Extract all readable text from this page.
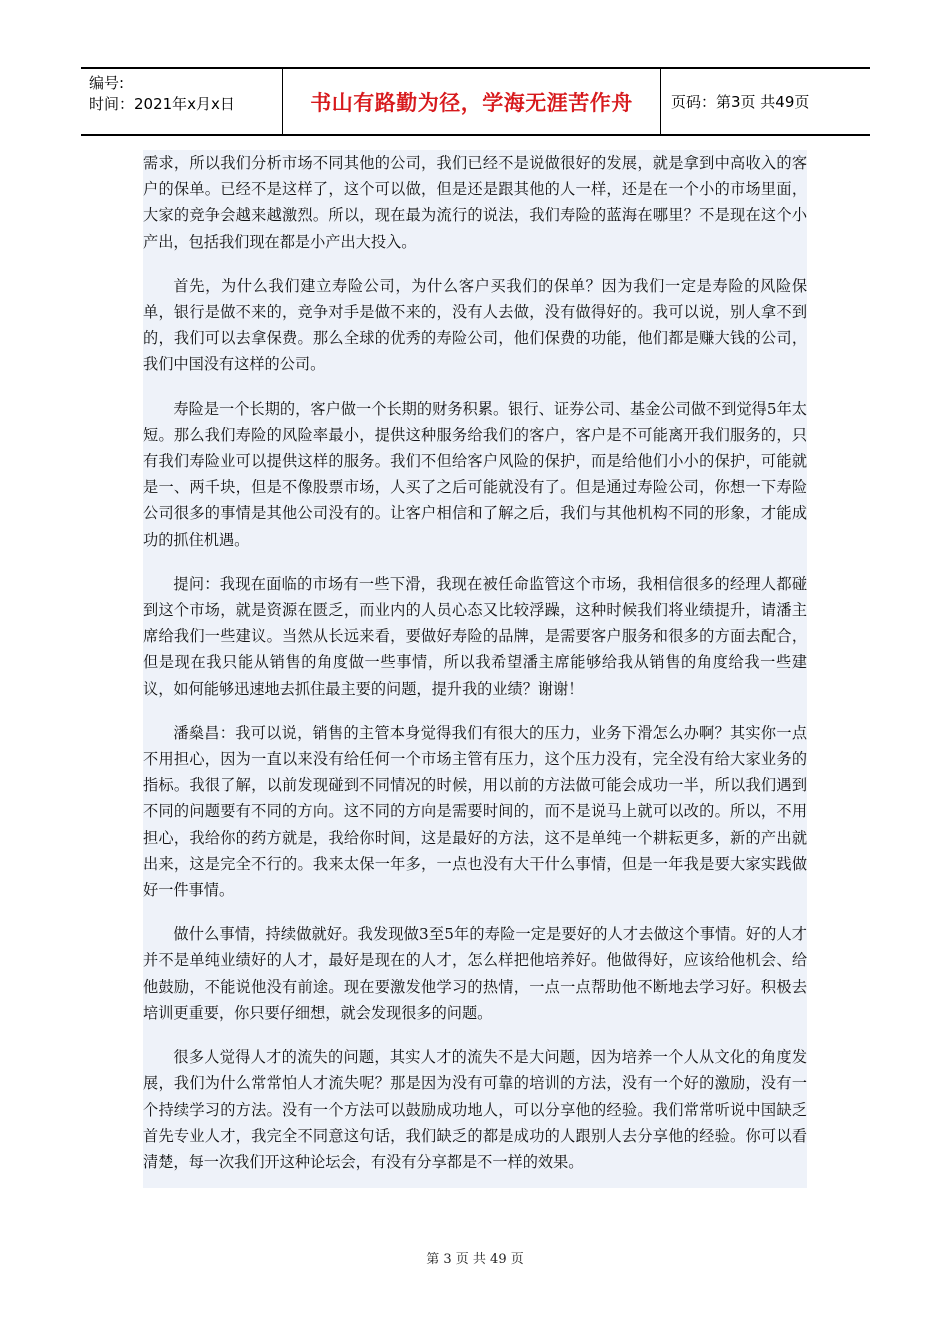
编号:
时间：2021年x月x日	书山有路勤为径，学海无涯苦作舟	页码：第3页 共49页

需求，所以我们分析市场不同其他的公司，我们已经不是说做很好的发展，就是拿到中高收入的客户的保单。已经不是这样了，这个可以做，但是还是跟其他的人一样，还是在一个小的市场里面，大家的竞争会越来越激烈。所以，现在最为流行的说法，我们寿险的蓝海在哪里？不是现在这个小产出，包括我们现在都是小产出大投入。

首先，为什么我们建立寿险公司，为什么客户买我们的保单？因为我们一定是寿险的风险保单，银行是做不来的，竞争对手是做不来的，没有人去做，没有做得好的。我可以说，别人拿不到的，我们可以去拿保费。那么全球的优秀的寿险公司，他们保费的功能，他们都是赚大钱的公司，我们中国没有这样的公司。

寿险是一个长期的，客户做一个长期的财务积累。银行、证券公司、基金公司做不到觉得5年太短。那么我们寿险的风险率最小，提供这种服务给我们的客户，客户是不可能离开我们服务的，只有我们寿险业可以提供这样的服务。我们不但给客户风险的保护，而是给他们小小的保护，可能就是一、两千块，但是不像股票市场，人买了之后可能就没有了。但是通过寿险公司，你想一下寿险公司很多的事情是其他公司没有的。让客户相信和了解之后，我们与其他机构不同的形象，才能成功的抓住机遇。

提问：我现在面临的市场有一些下滑，我现在被任命监管这个市场，我相信很多的经理人都碰到这个市场，就是资源在匮乏，而业内的人员心态又比较浮躁，这种时候我们将业绩提升，请潘主席给我们一些建议。当然从长远来看，要做好寿险的品牌，是需要客户服务和很多的方面去配合，但是现在我只能从销售的角度做一些事情，所以我希望潘主席能够给我从销售的角度给我一些建议，如何能够迅速地去抓住最主要的问题，提升我的业绩？谢谢！

潘燊昌：我可以说，销售的主管本身觉得我们有很大的压力，业务下滑怎么办啊？其实你一点不用担心，因为一直以来没有给任何一个市场主管有压力，这个压力没有，完全没有给大家业务的指标。我很了解，以前发现碰到不同情况的时候，用以前的方法做可能会成功一半，所以我们遇到不同的问题要有不同的方向。这不同的方向是需要时间的，而不是说马上就可以改的。所以，不用担心，我给你的药方就是，我给你时间，这是最好的方法，这不是单纯一个耕耘更多，新的产出就出来，这是完全不行的。我来太保一年多，一点也没有大干什么事情，但是一年我是要大家实践做好一件事情。

做什么事情，持续做就好。我发现做3至5年的寿险一定是要好的人才去做这个事情。好的人才并不是单纯业绩好的人才，最好是现在的人才，怎么样把他培养好。他做得好，应该给他机会、给他鼓励，不能说他没有前途。现在要激发他学习的热情，一点一点帮助他不断地去学习好。积极去培训更重要，你只要仔细想，就会发现很多的问题。

很多人觉得人才的流失的问题，其实人才的流失不是大问题，因为培养一个人从文化的角度发展，我们为什么常常怕人才流失呢？那是因为没有可靠的培训的方法，没有一个好的激励，没有一个持续学习的方法。没有一个方法可以鼓励成功地人，可以分享他的经验。我们常常听说中国缺乏首先专业人才，我完全不同意这句话，我们缺乏的都是成功的人跟别人去分享他的经验。你可以看清楚，每一次我们开这种论坛会，有没有分享都是不一样的效果。

第 3 页 共 49 页
